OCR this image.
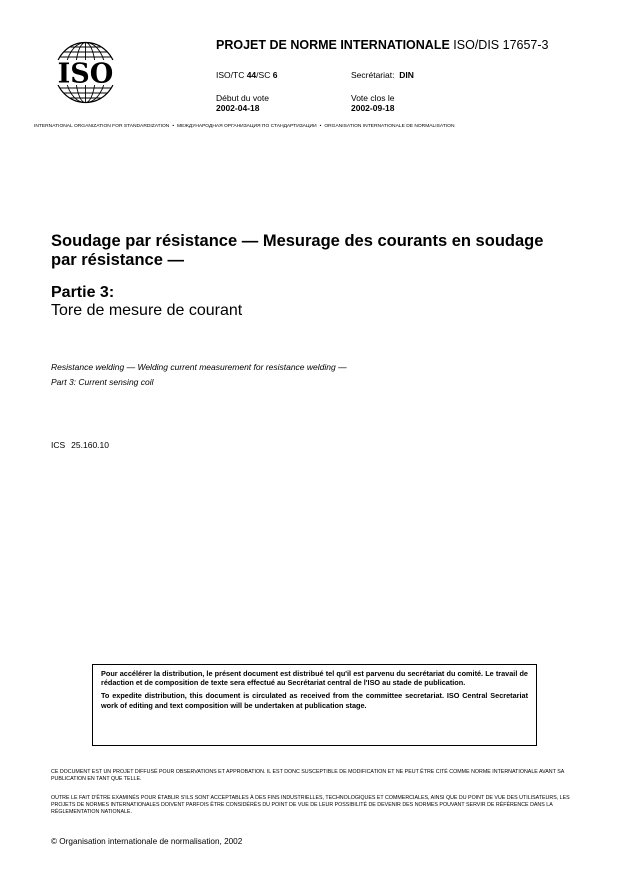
ISO
PROJET DE NORME INTERNATIONALE ISO/DIS 17657-3
ISO/TC 44/SC 6	Secrétariat: DIN
Début du vote
2002-04-18
Vote clos le
2002-09-18
INTERNATIONAL ORGANIZATION FOR STANDARDIZATION • МЕЖДУНАРОДНАЯ ОРГАНИЗАЦИЯ ПО СТАНДАРТИЗАЦИИ • ORGANISATION INTERNATIONALE DE NORMALISATION
Soudage par résistance — Mesurage des courants en soudage par résistance —
Partie 3:
Tore de mesure de courant
Resistance welding — Welding current measurement for resistance welding —
Part 3: Current sensing coil
ICS 25.160.10

Pour accélérer la distribution, le présent document est distribué tel qu'il est parvenu du secrétariat du comité. Le travail de rédaction et de composition de texte sera effectué au Secrétariat central de l'ISO au stade de publication.

To expedite distribution, this document is circulated as received from the committee secretariat. ISO Central Secretariat work of editing and text composition will be undertaken at publication stage.

CE DOCUMENT EST UN PROJET DIFFUSÉ POUR OBSERVATIONS ET APPROBATION. IL EST DONC SUSCEPTIBLE DE MODIFICATION ET NE PEUT ÊTRE CITÉ COMME NORME INTERNATIONALE AVANT SA PUBLICATION EN TANT QUE TELLE.
OUTRE LE FAIT D'ÊTRE EXAMINÉS POUR ÉTABLIR S'ILS SONT ACCEPTABLES À DES FINS INDUSTRIELLES, TECHNOLOGIQUES ET COMMERCIALES, AINSI QUE DU POINT DE VUE DES UTILISATEURS, LES PROJETS DE NORMES INTERNATIONALES DOIVENT PARFOIS ÊTRE CONSIDÉRÉS DU POINT DE VUE DE LEUR POSSIBILITÉ DE DEVENIR DES NORMES POUVANT SERVIR DE RÉFÉRENCE DANS LA RÉGLEMENTATION NATIONALE.
© Organisation internationale de normalisation, 2002
